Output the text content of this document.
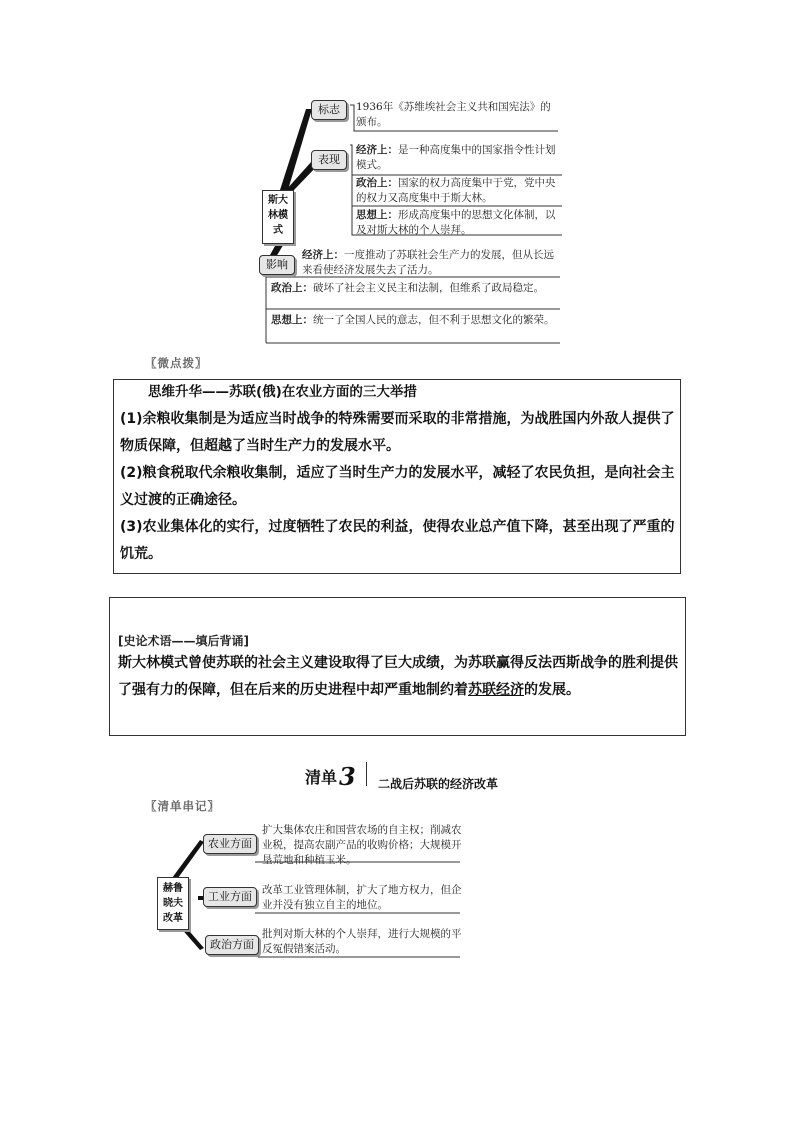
斯大
林模
式
标志	1936年《苏维埃社会主义共和国宪法》的颁布。
表现
经济上：是一种高度集中的国家指令性计划模式。
政治上：国家的权力高度集中于党，党中央的权力又高度集中于斯大林。
思想上：形成高度集中的思想文化体制，以及对斯大林的个人崇拜。
影响
经济上：一度推动了苏联社会生产力的发展，但从长远来看使经济发展失去了活力。
政治上：破坏了社会主义民主和法制，但维系了政局稳定。
思想上：统一了全国人民的意志，但不利于思想文化的繁荣。
〖微点拨〗
思维升华——苏联(俄)在农业方面的三大举措
(1)余粮收集制是为适应当时战争的特殊需要而采取的非常措施，为战胜国内外敌人提供了物质保障，但超越了当时生产力的发展水平。
(2)粮食税取代余粮收集制，适应了当时生产力的发展水平，减轻了农民负担，是向社会主义过渡的正确途径。
(3)农业集体化的实行，过度牺牲了农民的利益，使得农业总产值下降，甚至出现了严重的饥荒。
[史论术语——填后背诵]
斯大林模式曾使苏联的社会主义建设取得了巨大成绩，为苏联赢得反法西斯战争的胜利提供了强有力的保障，但在后来的历史进程中却严重地制约着苏联经济的发展。
清单3 二战后苏联的经济改革
〖清单串记〗
赫鲁
晓夫
改革
农业方面
扩大集体农庄和国营农场的自主权；削减农业税，提高农副产品的收购价格；大规模开垦荒地和种植玉米。
工业方面 改革工业管理体制，扩大了地方权力，但企业并没有独立自主的地位。
政治方面
批判对斯大林的个人崇拜，进行大规模的平反冤假错案活动。
